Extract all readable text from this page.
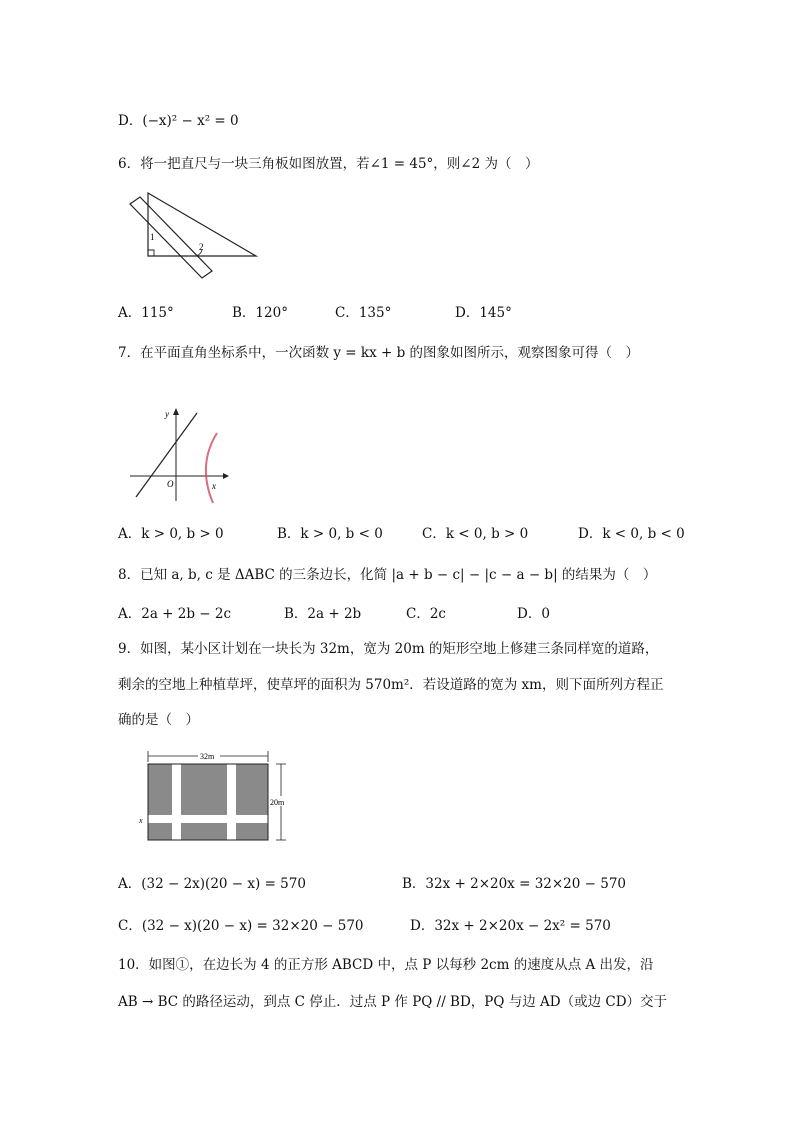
D．(−x)² − x² = 0
6．将一把直尺与一块三角板如图放置，若∠1 = 45°，则∠2 为（　）
1
2
A．115°	B．120°	C．135°	D．145°
7．在平面直角坐标系中，一次函数 y = kx + b 的图象如图所示，观察图象可得（　）
y
x
O
A．k > 0, b > 0	B．k > 0, b < 0	C．k < 0, b > 0	D．k < 0, b < 0
8．已知 a, b, c 是 ΔABC 的三条边长，化简 |a + b − c| − |c − a − b| 的结果为（　）
A．2a + 2b − 2c	B．2a + 2b	C．2c	D．0
9．如图，某小区计划在一块长为 32m，宽为 20m 的矩形空地上修建三条同样宽的道路，
剩余的空地上种植草坪，使草坪的面积为 570m²．若设道路的宽为 xm，则下面所列方程正
确的是（　）
32m
20m
x
A．(32 − 2x)(20 − x) = 570	B．32x + 2×20x = 32×20 − 570
C．(32 − x)(20 − x) = 32×20 − 570	D．32x + 2×20x − 2x² = 570
10．如图①，在边长为 4 的正方形 ABCD 中，点 P 以每秒 2cm 的速度从点 A 出发，沿
AB → BC 的路径运动，到点 C 停止．过点 P 作 PQ // BD，PQ 与边 AD（或边 CD）交于
